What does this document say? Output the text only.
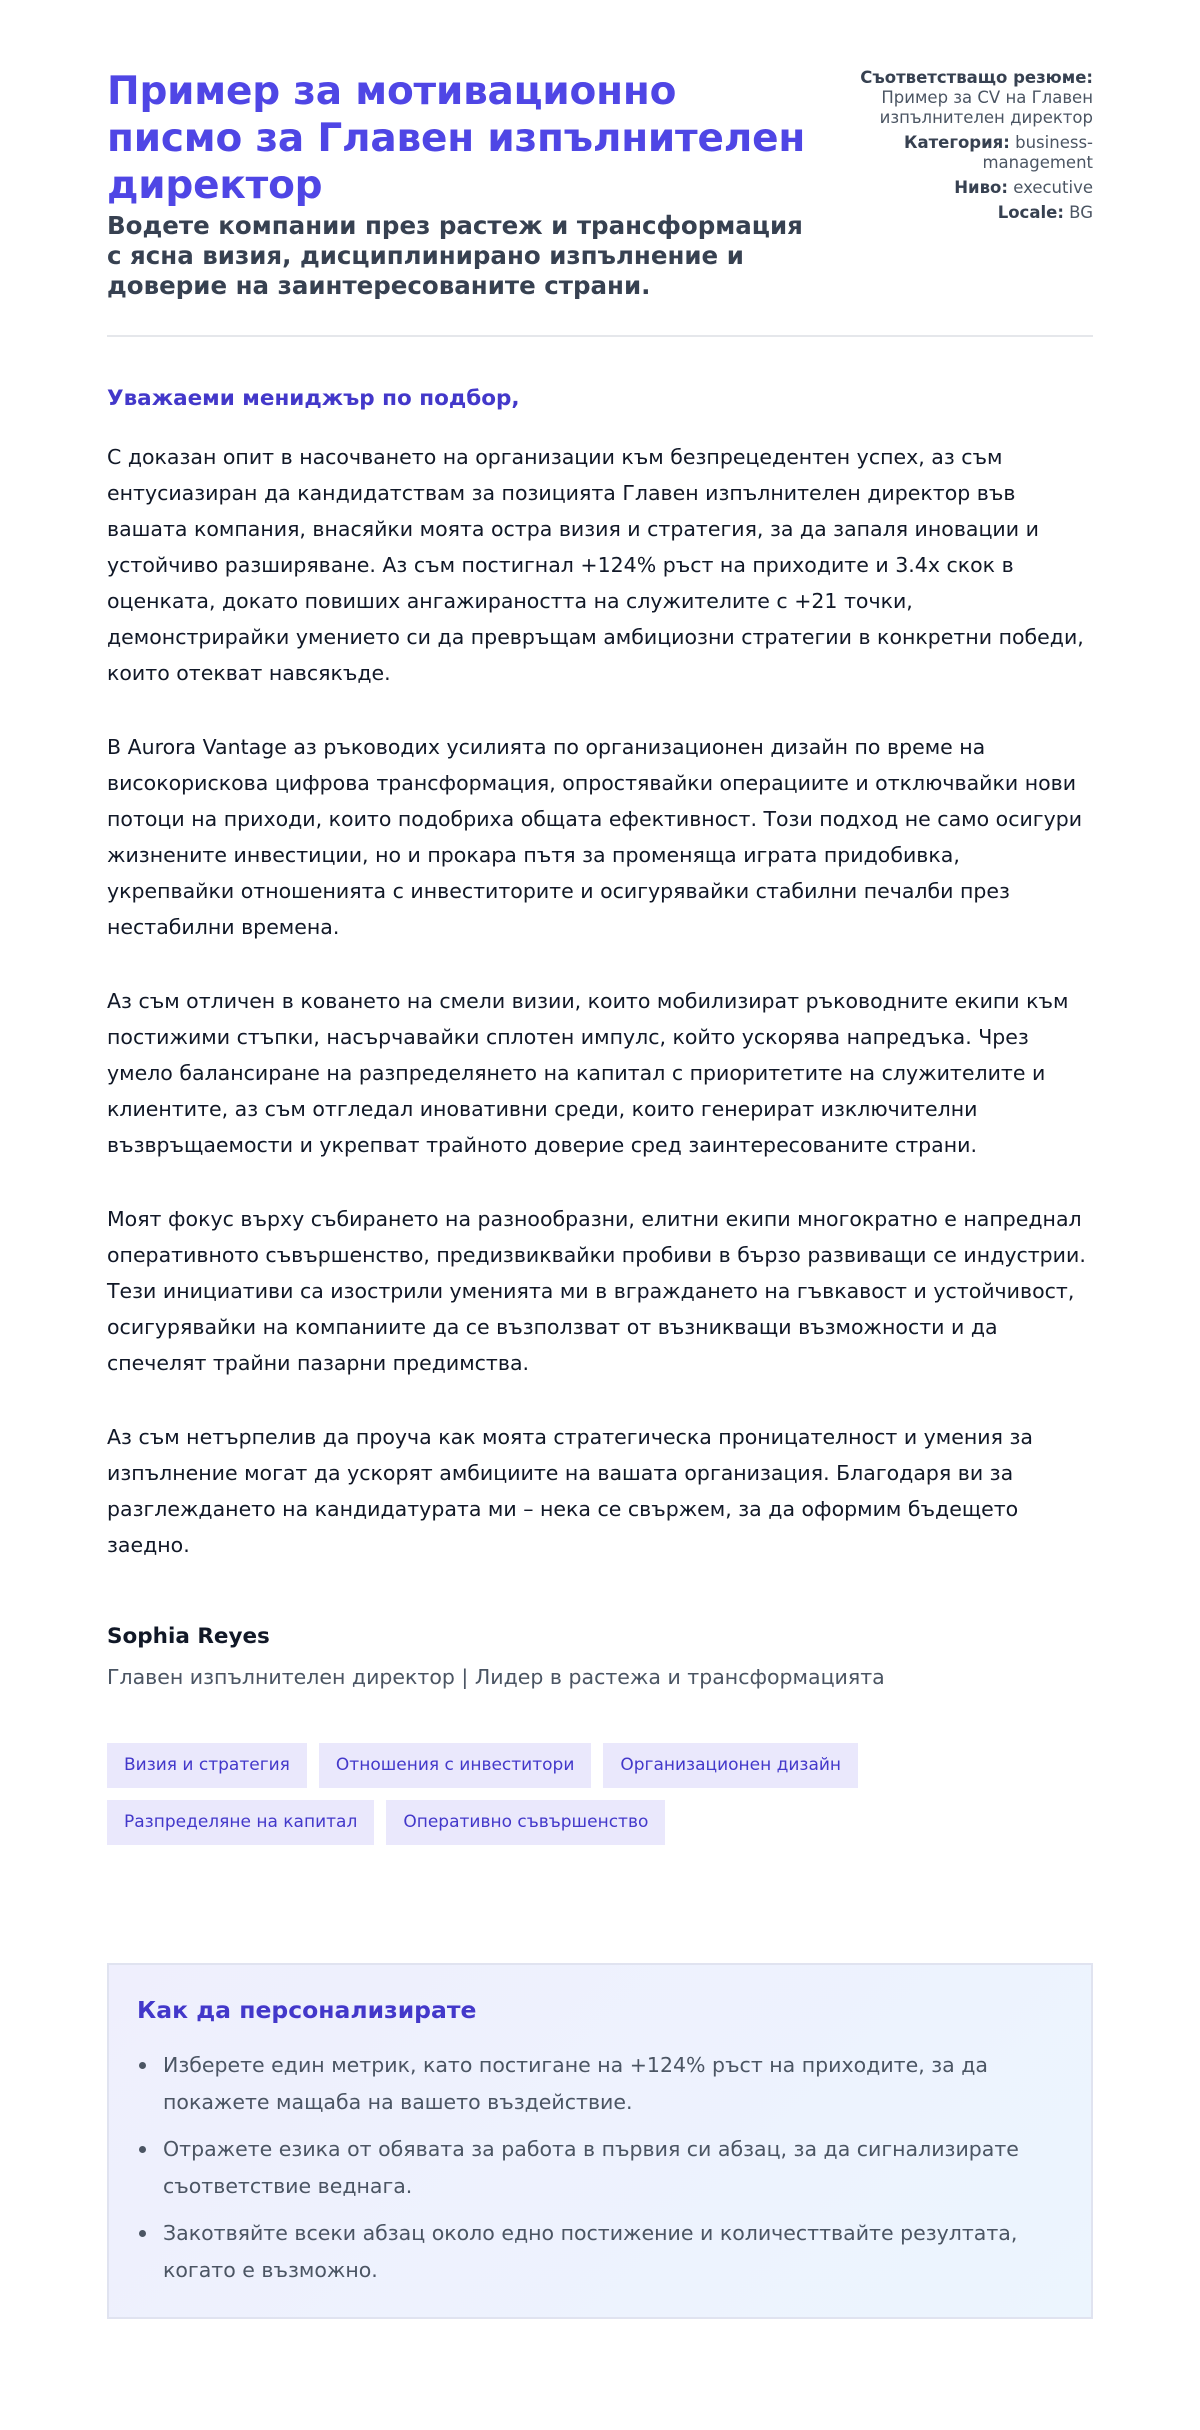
Пример за мотивационно писмо за Главен изпълнителен директор
Водете компании през растеж и трансформация с ясна визия, дисциплинирано изпълнение и доверие на заинтересованите страни.
Съответстващо резюме:
Пример за CV на Главен изпълнителен директор
Категория: business-management
Ниво: executive
Locale: BG

Уважаеми мениджър по подбор,

С доказан опит в насочването на организации към безпрецедентен успех, аз съм ентусиазиран да кандидатствам за позицията Главен изпълнителен директор във вашата компания, внасяйки моята остра визия и стратегия, за да запаля иновации и устойчиво разширяване. Аз съм постигнал +124% ръст на приходите и 3.4x скок в оценката, докато повиших ангажираността на служителите с +21 точки, демонстрирайки умението си да превръщам амбициозни стратегии в конкретни победи, които отекват навсякъде.

В Aurora Vantage аз ръководих усилията по организационен дизайн по време на високорискова цифрова трансформация, опростявайки операциите и отключвайки нови потоци на приходи, които подобриха общата ефективност. Този подход не само осигури жизнените инвестиции, но и прокара пътя за променяща играта придобивка, укрепвайки отношенията с инвеститорите и осигурявайки стабилни печалби през нестабилни времена.

Аз съм отличен в коването на смели визии, които мобилизират ръководните екипи към постижими стъпки, насърчавайки сплотен импулс, който ускорява напредъка. Чрез умело балансиране на разпределянето на капитал с приоритетите на служителите и клиентите, аз съм отгледал иновативни среди, които генерират изключителни възвръщаемости и укрепват трайното доверие сред заинтересованите страни.

Моят фокус върху събирането на разнообразни, елитни екипи многократно е напреднал оперативното съвършенство, предизвиквайки пробиви в бързо развиващи се индустрии. Тези инициативи са изострили уменията ми в вграждането на гъвкавост и устойчивост, осигурявайки на компаниите да се възползват от възникващи възможности и да спечелят трайни пазарни предимства.

Аз съм нетърпелив да проуча как моята стратегическа проницателност и умения за изпълнение могат да ускорят амбициите на вашата организация. Благодаря ви за разглеждането на кандидатурата ми – нека се свържем, за да оформим бъдещето заедно.

Sophia Reyes
Главен изпълнителен директор | Лидер в растежа и трансформацията
Визия и стратегия	Отношения с инвеститори	Организационен дизайн
Разпределяне на капитал	Оперативно съвършенство
Как да персонализирате
Изберете един метрик, като постигане на +124% ръст на приходите, за да покажете мащаба на вашето въздействие.
Отражете езика от обявата за работа в първия си абзац, за да сигнализирате съответствие веднага.
Закотвяйте всеки абзац около едно постижение и количесттвайте резултата, когато е възможно.
